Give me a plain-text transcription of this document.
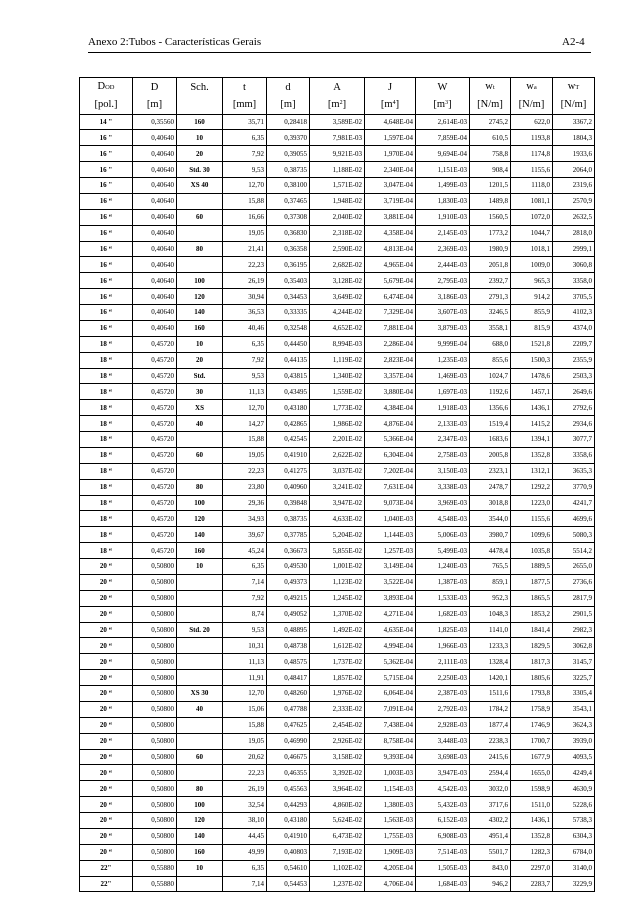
Anexo 2:Tubos - Características Gerais	A2-4
DOD	D	Sch.	t	d	A	J	W	wt	wa	wT
[pol.]	[m]		[mm]	[m]	$[m^2]$	$[m^4]$	$[m^3]$	[N/m]	[N/m]	[N/m]
14 "	0,35560	160	35,71	0,28418	3,589E-02	4,648E-04	2,614E-03	2745,2	622,0	3367,2
16 "	0,40640	10	6,35	0,39370	7,981E-03	1,597E-04	7,859E-04	610,5	1193,8	1804,3
16 "	0,40640	20	7,92	0,39055	9,921E-03	1,970E-04	9,694E-04	758,8	1174,8	1933,6
16 "	0,40640	Std. 30	9,53	0,38735	1,188E-02	2,340E-04	1,151E-03	908,4	1155,6	2064,0
16 "	0,40640	XS 40	12,70	0,38100	1,571E-02	3,047E-04	1,499E-03	1201,5	1118,0	2319,6
16 “	0,40640		15,88	0,37465	1,948E-02	3,719E-04	1,830E-03	1489,8	1081,1	2570,9
16 “	0,40640	60	16,66	0,37308	2,040E-02	3,881E-04	1,910E-03	1560,5	1072,0	2632,5
16 “	0,40640		19,05	0,36830	2,318E-02	4,358E-04	2,145E-03	1773,2	1044,7	2818,0
16 “	0,40640	80	21,41	0,36358	2,590E-02	4,813E-04	2,369E-03	1980,9	1018,1	2999,1
16 “	0,40640		22,23	0,36195	2,682E-02	4,965E-04	2,444E-03	2051,8	1009,0	3060,8
16 “	0,40640	100	26,19	0,35403	3,128E-02	5,679E-04	2,795E-03	2392,7	965,3	3358,0
16 “	0,40640	120	30,94	0,34453	3,649E-02	6,474E-04	3,186E-03	2791,3	914,2	3705,5
16 “	0,40640	140	36,53	0,33335	4,244E-02	7,329E-04	3,607E-03	3246,5	855,9	4102,3
16 “	0,40640	160	40,46	0,32548	4,652E-02	7,881E-04	3,879E-03	3558,1	815,9	4374,0
18 “	0,45720	10	6,35	0,44450	8,994E-03	2,286E-04	9,999E-04	688,0	1521,8	2209,7
18 “	0,45720	20	7,92	0,44135	1,119E-02	2,823E-04	1,235E-03	855,6	1500,3	2355,9
18 “	0,45720	Std.	9,53	0,43815	1,340E-02	3,357E-04	1,469E-03	1024,7	1478,6	2503,3
18 “	0,45720	30	11,13	0,43495	1,559E-02	3,880E-04	1,697E-03	1192,6	1457,1	2649,6
18 “	0,45720	XS	12,70	0,43180	1,773E-02	4,384E-04	1,918E-03	1356,6	1436,1	2792,6
18 “	0,45720	40	14,27	0,42865	1,986E-02	4,876E-04	2,133E-03	1519,4	1415,2	2934,6
18 “	0,45720		15,88	0,42545	2,201E-02	5,366E-04	2,347E-03	1683,6	1394,1	3077,7
18 “	0,45720	60	19,05	0,41910	2,622E-02	6,304E-04	2,758E-03	2005,8	1352,8	3358,6
18 “	0,45720		22,23	0,41275	3,037E-02	7,202E-04	3,150E-03	2323,1	1312,1	3635,3
18 “	0,45720	80	23,80	0,40960	3,241E-02	7,631E-04	3,338E-03	2478,7	1292,2	3770,9
18 “	0,45720	100	29,36	0,39848	3,947E-02	9,073E-04	3,969E-03	3018,8	1223,0	4241,7
18 “	0,45720	120	34,93	0,38735	4,633E-02	1,040E-03	4,548E-03	3544,0	1155,6	4699,6
18 “	0,45720	140	39,67	0,37785	5,204E-02	1,144E-03	5,006E-03	3980,7	1099,6	5080,3
18 “	0,45720	160	45,24	0,36673	5,855E-02	1,257E-03	5,499E-03	4478,4	1035,8	5514,2
20 “	0,50800	10	6,35	0,49530	1,001E-02	3,149E-04	1,240E-03	765,5	1889,5	2655,0
20 “	0,50800		7,14	0,49373	1,123E-02	3,522E-04	1,387E-03	859,1	1877,5	2736,6
20 “	0,50800		7,92	0,49215	1,245E-02	3,893E-04	1,533E-03	952,3	1865,5	2817,9
20 “	0,50800		8,74	0,49052	1,370E-02	4,271E-04	1,682E-03	1048,3	1853,2	2901,5
20 “	0,50800	Std. 20	9,53	0,48895	1,492E-02	4,635E-04	1,825E-03	1141,0	1841,4	2982,3
20 “	0,50800		10,31	0,48738	1,612E-02	4,994E-04	1,966E-03	1233,3	1829,5	3062,8
20 “	0,50800		11,13	0,48575	1,737E-02	5,362E-04	2,111E-03	1328,4	1817,3	3145,7
20 “	0,50800		11,91	0,48417	1,857E-02	5,715E-04	2,250E-03	1420,1	1805,6	3225,7
20 “	0,50800	XS 30	12,70	0,48260	1,976E-02	6,064E-04	2,387E-03	1511,6	1793,8	3305,4
20 “	0,50800	40	15,06	0,47788	2,333E-02	7,091E-04	2,792E-03	1784,2	1758,9	3543,1
20 “	0,50800		15,88	0,47625	2,454E-02	7,438E-04	2,928E-03	1877,4	1746,9	3624,3
20 “	0,50800		19,05	0,46990	2,926E-02	8,758E-04	3,448E-03	2238,3	1700,7	3939,0
20 “	0,50800	60	20,62	0,46675	3,158E-02	9,393E-04	3,698E-03	2415,6	1677,9	4093,5
20 “	0,50800		22,23	0,46355	3,392E-02	1,003E-03	3,947E-03	2594,4	1655,0	4249,4
20 “	0,50800	80	26,19	0,45563	3,964E-02	1,154E-03	4,542E-03	3032,0	1598,9	4630,9
20 “	0,50800	100	32,54	0,44293	4,860E-02	1,380E-03	5,432E-03	3717,6	1511,0	5228,6
20 “	0,50800	120	38,10	0,43180	5,624E-02	1,563E-03	6,152E-03	4302,2	1436,1	5738,3
20 “	0,50800	140	44,45	0,41910	6,473E-02	1,755E-03	6,908E-03	4951,4	1352,8	6304,3
20 “	0,50800	160	49,99	0,40803	7,193E-02	1,909E-03	7,514E-03	5501,7	1282,3	6784,0
22"	0,55880	10	6,35	0,54610	1,102E-02	4,205E-04	1,505E-03	843,0	2297,0	3140,0
22"	0,55880		7,14	0,54453	1,237E-02	4,706E-04	1,684E-03	946,2	2283,7	3229,9
